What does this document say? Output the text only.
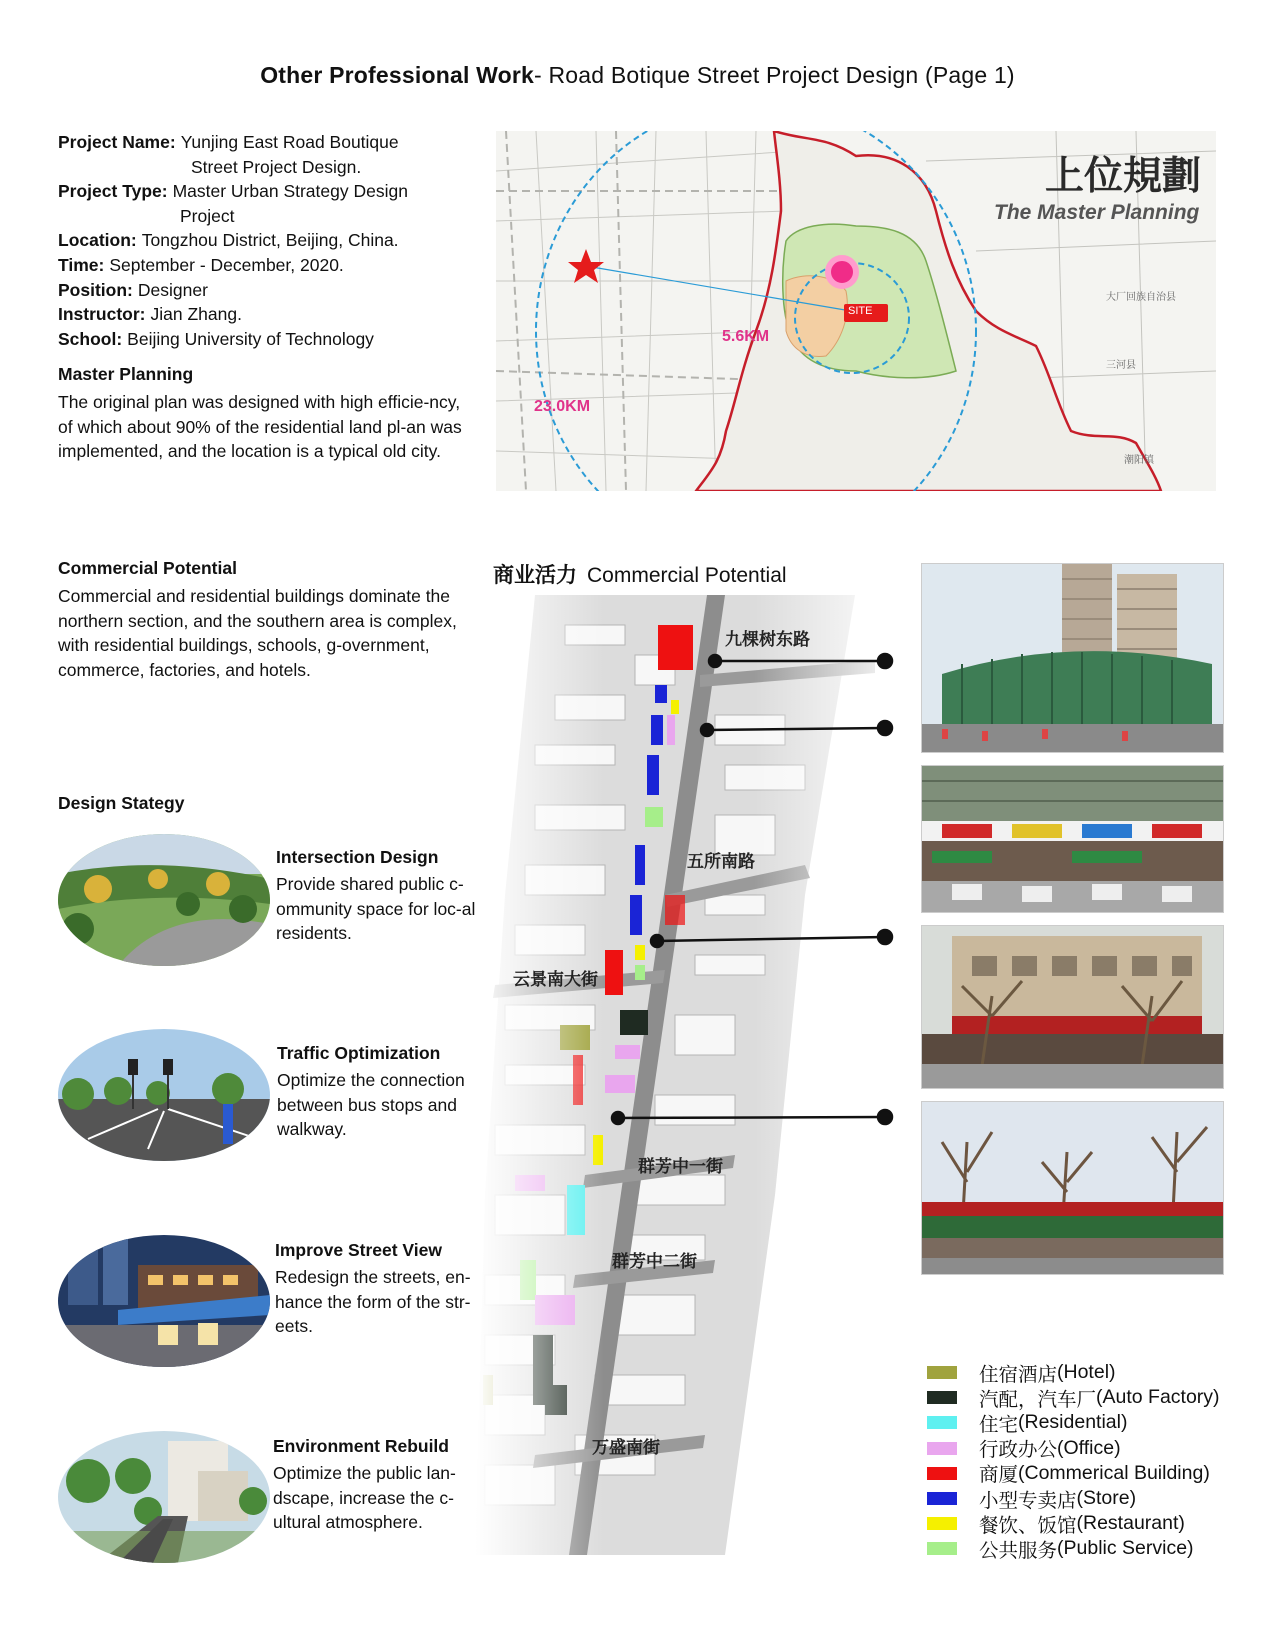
Other Professional Work- Road Botique Street Project Design (Page 1)
Project Name: Yunjing East Road Boutique
Street Project Design.
Project Type: Master Urban Strategy Design
Project
Location: Tongzhou District, Beijing, China.
Time: September - December, 2020.
Position: Designer
Instructor: Jian Zhang.
School: Beijing University of Technology
Master Planning
The original plan was designed with high efficie-ncy, of which about 90% of the residential land pl-an was implemented, and the location is a typical old city.
上位規劃
The Master Planning
SITE
5.6KM
23.0KM
大厂回族自治县
三河县
潮阳镇
Commercial Potential
Commercial and residential buildings dominate the northern section, and the southern area is complex, with residential buildings, schools, g-overnment, commerce, factories, and hotels.
商业活力 Commercial Potential
九棵树东路
五所南路
云景南大街
群芳中一街
群芳中二街
万盛南街
Design Stategy
Intersection Design
Provide shared public c-ommunity space for loc-al residents.
Traffic Optimization
Optimize the connection between bus stops and walkway.
Improve Street View
Redesign the streets, en-hance the form of the str-eets.
Environment Rebuild
Optimize the public lan-dscape, increase the c-ultural atmosphere.
住宿酒店 (Hotel)
汽配，汽车厂 (Auto Factory)
住宅 (Residential)
行政办公 (Office)
商厦 (Commerical Building)
小型专卖店 (Store)
餐饮、饭馆 (Restaurant)
公共服务 (Public Service)
